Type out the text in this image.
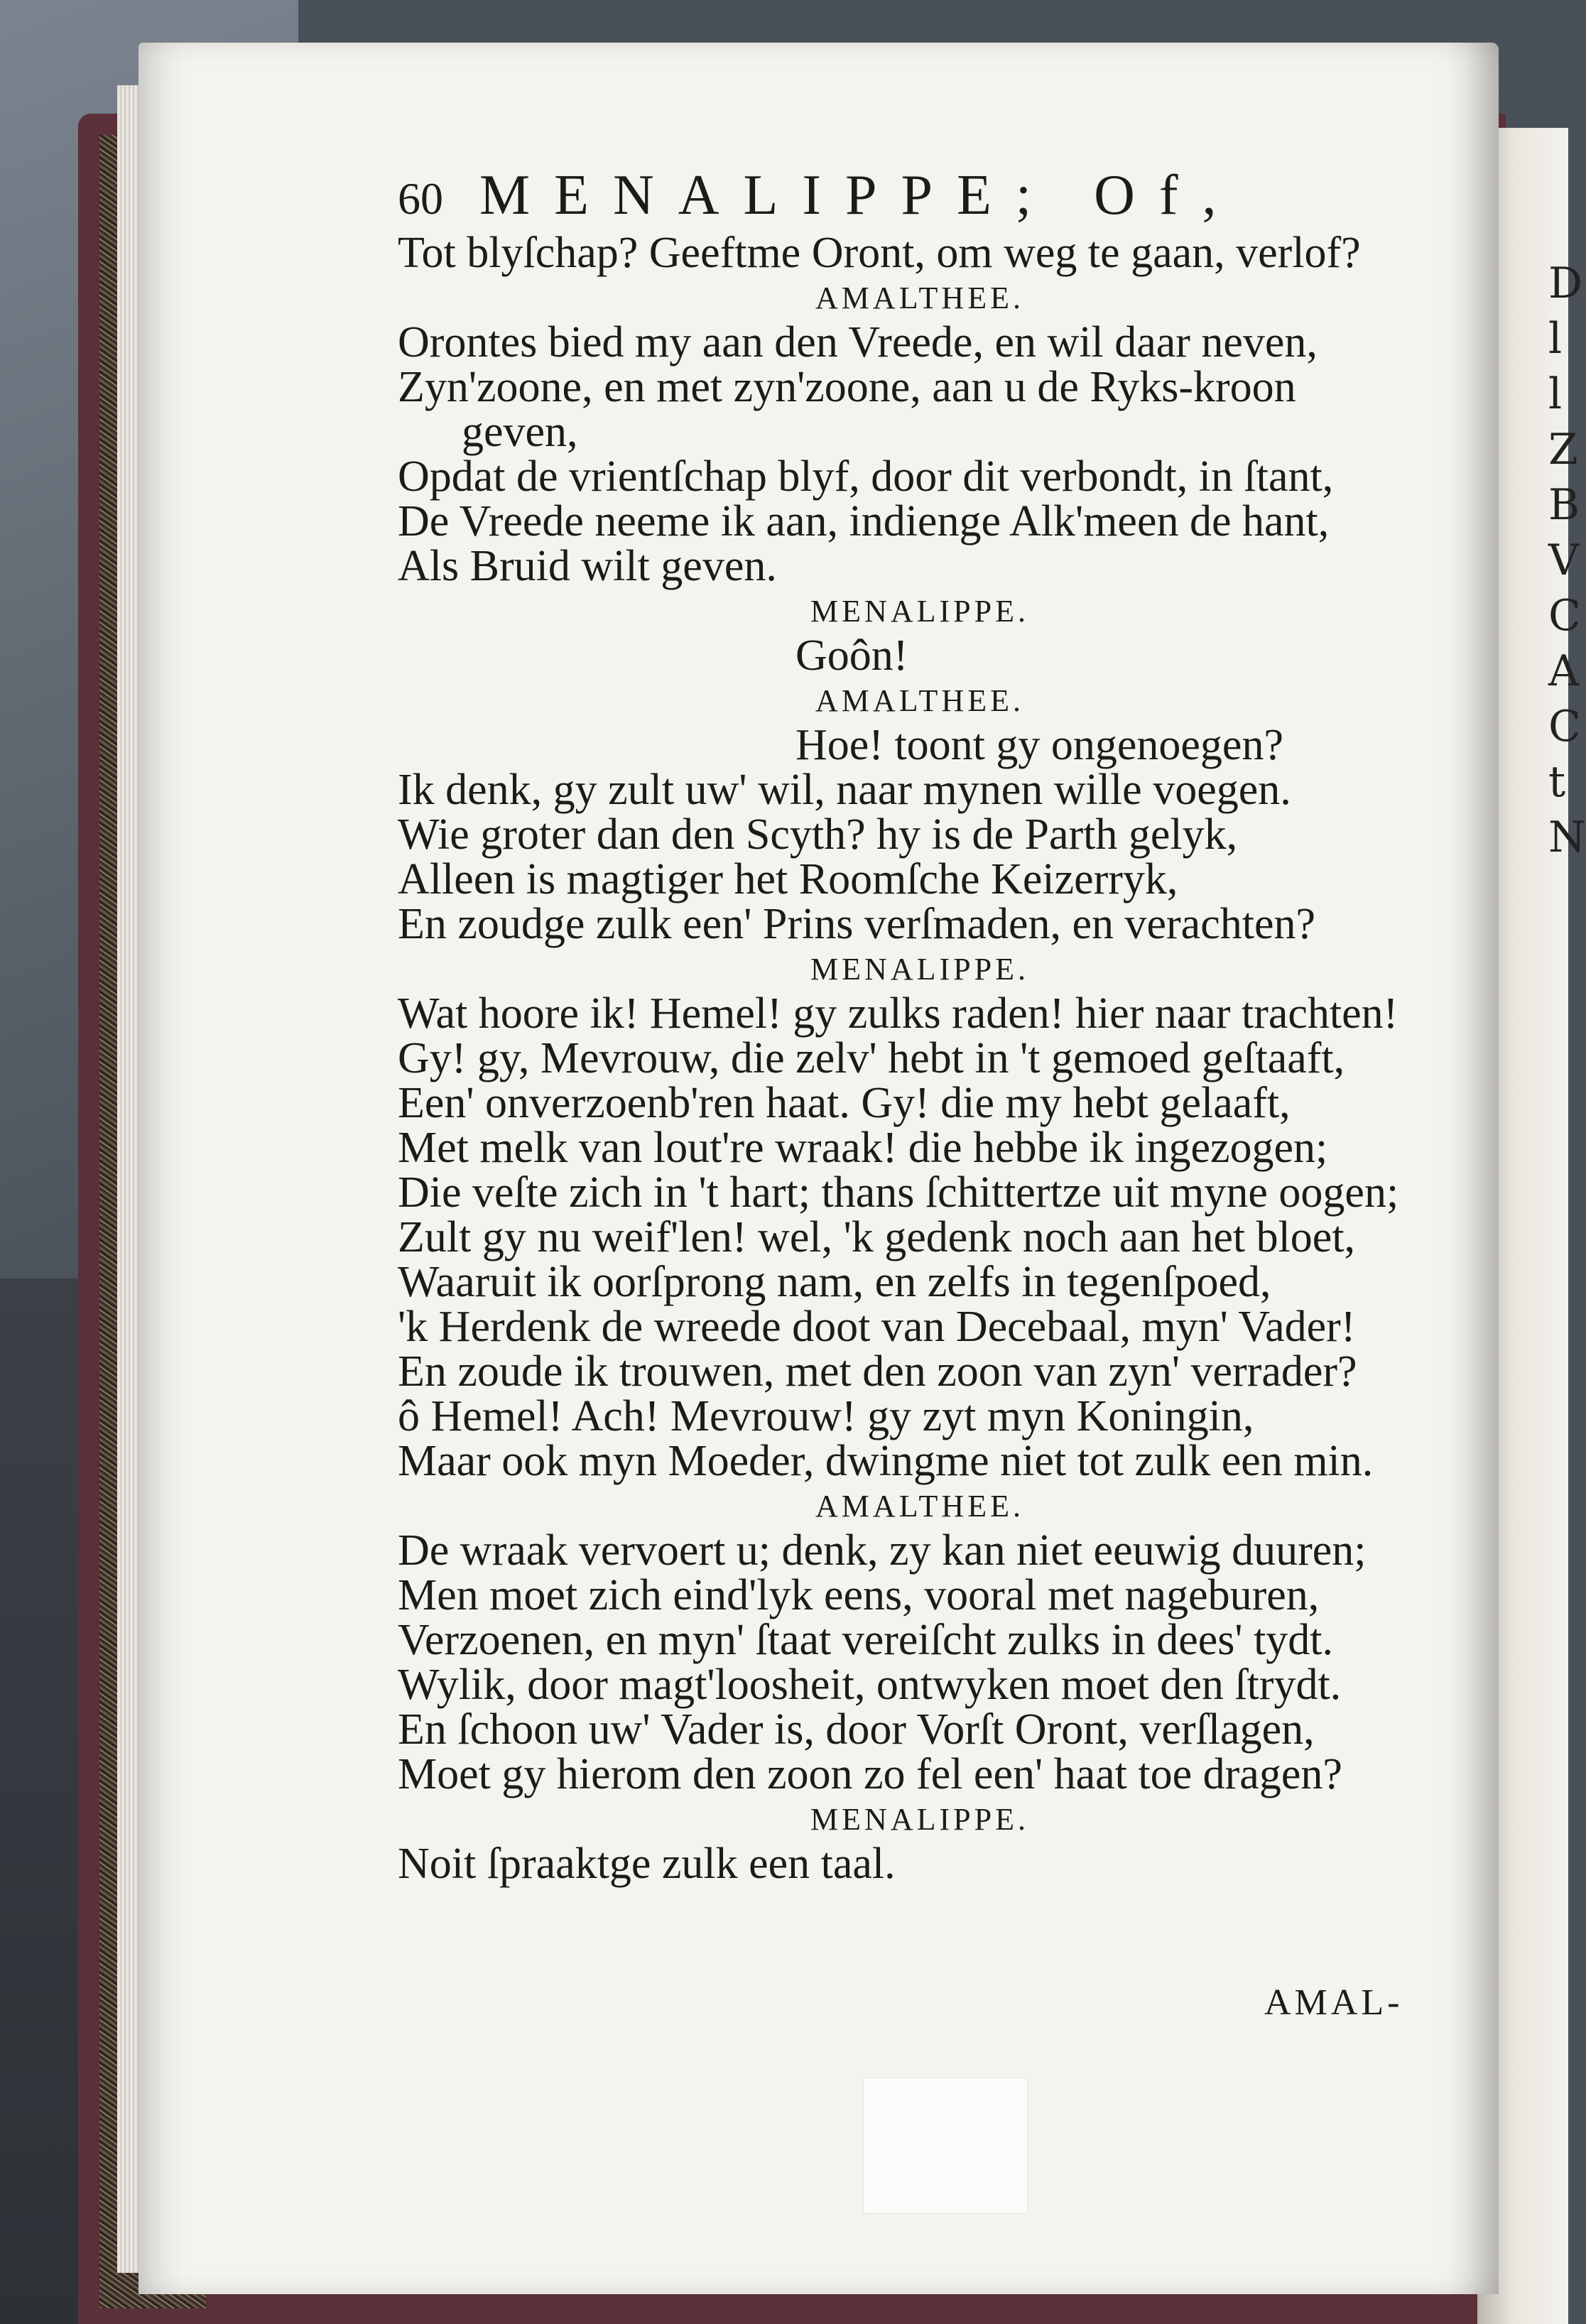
D
l
l
Z
B
V
C
A
C
t
N
60 MENALIPPE; Of,
Tot blyſchap? Geeftme Oront, om weg te gaan, verlof?
AMALTHEE.
Orontes bied my aan den Vreede, en wil daar neven,
Zyn'zoone, en met zyn'zoone, aan u de Ryks-kroon
geven,
Opdat de vrientſchap blyf, door dit verbondt, in ſtant,
De Vreede neeme ik aan, indienge Alk'meen de hant,
Als Bruid wilt geven.
MENALIPPE.
Goôn!
AMALTHEE.
Hoe! toont gy ongenoegen?
Ik denk, gy zult uw' wil, naar mynen wille voegen.
Wie groter dan den Scyth? hy is de Parth gelyk,
Alleen is magtiger het Roomſche Keizerryk,
En zoudge zulk een' Prins verſmaden, en verachten?
MENALIPPE.
Wat hoore ik! Hemel! gy zulks raden! hier naar trachten!
Gy! gy, Mevrouw, die zelv' hebt in 't gemoed geſtaaft,
Een' onverzoenb'ren haat. Gy! die my hebt gelaaft,
Met melk van lout're wraak! die hebbe ik ingezogen;
Die veſte zich in 't hart; thans ſchittertze uit myne oogen;
Zult gy nu weif'len! wel, 'k gedenk noch aan het bloet,
Waaruit ik oorſprong nam, en zelfs in tegenſpoed,
'k Herdenk de wreede doot van Decebaal, myn' Vader!
En zoude ik trouwen, met den zoon van zyn' verrader?
ô Hemel! Ach! Mevrouw! gy zyt myn Koningin,
Maar ook myn Moeder, dwingme niet tot zulk een min.
AMALTHEE.
De wraak vervoert u; denk, zy kan niet eeuwig duuren;
Men moet zich eind'lyk eens, vooral met nageburen,
Verzoenen, en myn' ſtaat vereiſcht zulks in dees' tydt.
Wylik, door magt'loosheit, ontwyken moet den ſtrydt.
En ſchoon uw' Vader is, door Vorſt Oront, verſlagen,
Moet gy hierom den zoon zo fel een' haat toe dragen?
MENALIPPE.
Noit ſpraaktge zulk een taal.
AMAL-
